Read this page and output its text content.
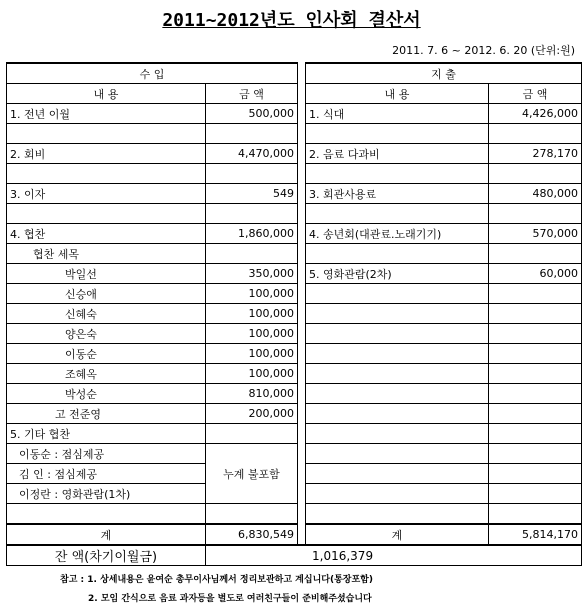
2011~2012년도 인사회 결산서
2011. 7. 6 ~ 2012. 6. 20 (단위:원)
수 입			지 출	
내 용	금 액		내 용	금 액
1. 전년 이월	500,000		1. 식대	4,426,000

2. 회비	4,470,000		2. 음료 다과비	278,170

3. 이자	549		3. 회관사용료	480,000

4. 협찬	1,860,000		4. 송년회(대관료.노래기기)	570,000
협찬 세목				
박일선	350,000		5. 영화관람(2차)	60,000
신승애	100,000			
신혜숙	100,000			
양은숙	100,000			
이동순	100,000			
조혜옥	100,000			
박성순	810,000			
고 전준영	200,000			
5. 기타 협찬				
이동순 : 점심제공	누계 불포함			
김 인 : 점심제공				
이정란 : 영화관람(1차)				

계	6,830,549		계	5,814,170
잔 액(차기이월금)	1,016,379			
참고 : 1. 상세내용은 윤여순 총무이사님께서 정리보관하고 계십니다(통장포함)
2. 모임 간식으로 음료 과자등을 별도로 여러친구들이 준비해주셨습니다
